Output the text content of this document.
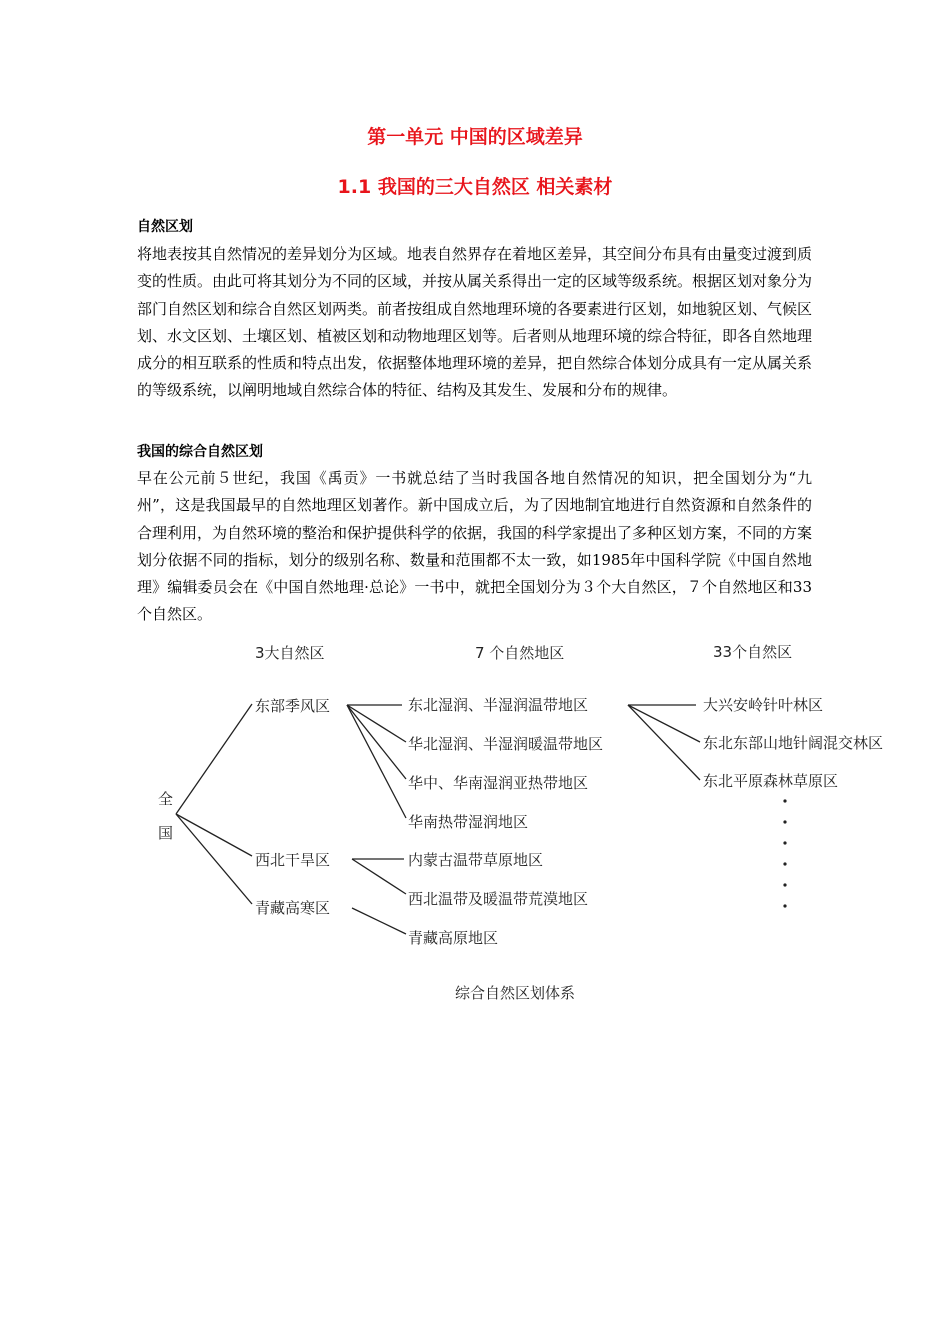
第一单元 中国的区域差异
1.1 我国的三大自然区 相关素材
自然区划
将地表按其自然情况的差异划分为区域。地表自然界存在着地区差异，其空间分布具有由量变过渡到质变的性质。由此可将其划分为不同的区域，并按从属关系得出一定的区域等级系统。根据区划对象分为部门自然区划和综合自然区划两类。前者按组成自然地理环境的各要素进行区划，如地貌区划、气候区划、水文区划、土壤区划、植被区划和动物地理区划等。后者则从地理环境的综合特征，即各自然地理成分的相互联系的性质和特点出发，依据整体地理环境的差异，把自然综合体划分成具有一定从属关系的等级系统，以阐明地域自然综合体的特征、结构及其发生、发展和分布的规律。
我国的综合自然区划
早在公元前５世纪，我国《禹贡》一书就总结了当时我国各地自然情况的知识，把全国划分为“九州”，这是我国最早的自然地理区划著作。新中国成立后，为了因地制宜地进行自然资源和自然条件的合理利用，为自然环境的整治和保护提供科学的依据，我国的科学家提出了多种区划方案，不同的方案划分依据不同的指标，划分的级别名称、数量和范围都不太一致，如1985年中国科学院《中国自然地理》编辑委员会在《中国自然地理·总论》一书中，就把全国划分为３个大自然区，７个自然地区和33个自然区。
3大自然区	7 个自然地区	33个自然区
全
国
东部季风区
西北干旱区
青藏高寒区
东北湿润、半湿润温带地区
华北湿润、半湿润暖温带地区
华中、华南湿润亚热带地区
华南热带湿润地区
内蒙古温带草原地区
西北温带及暖温带荒漠地区
青藏高原地区
大兴安岭针叶林区
东北东部山地针阔混交林区
东北平原森林草原区
综合自然区划体系
